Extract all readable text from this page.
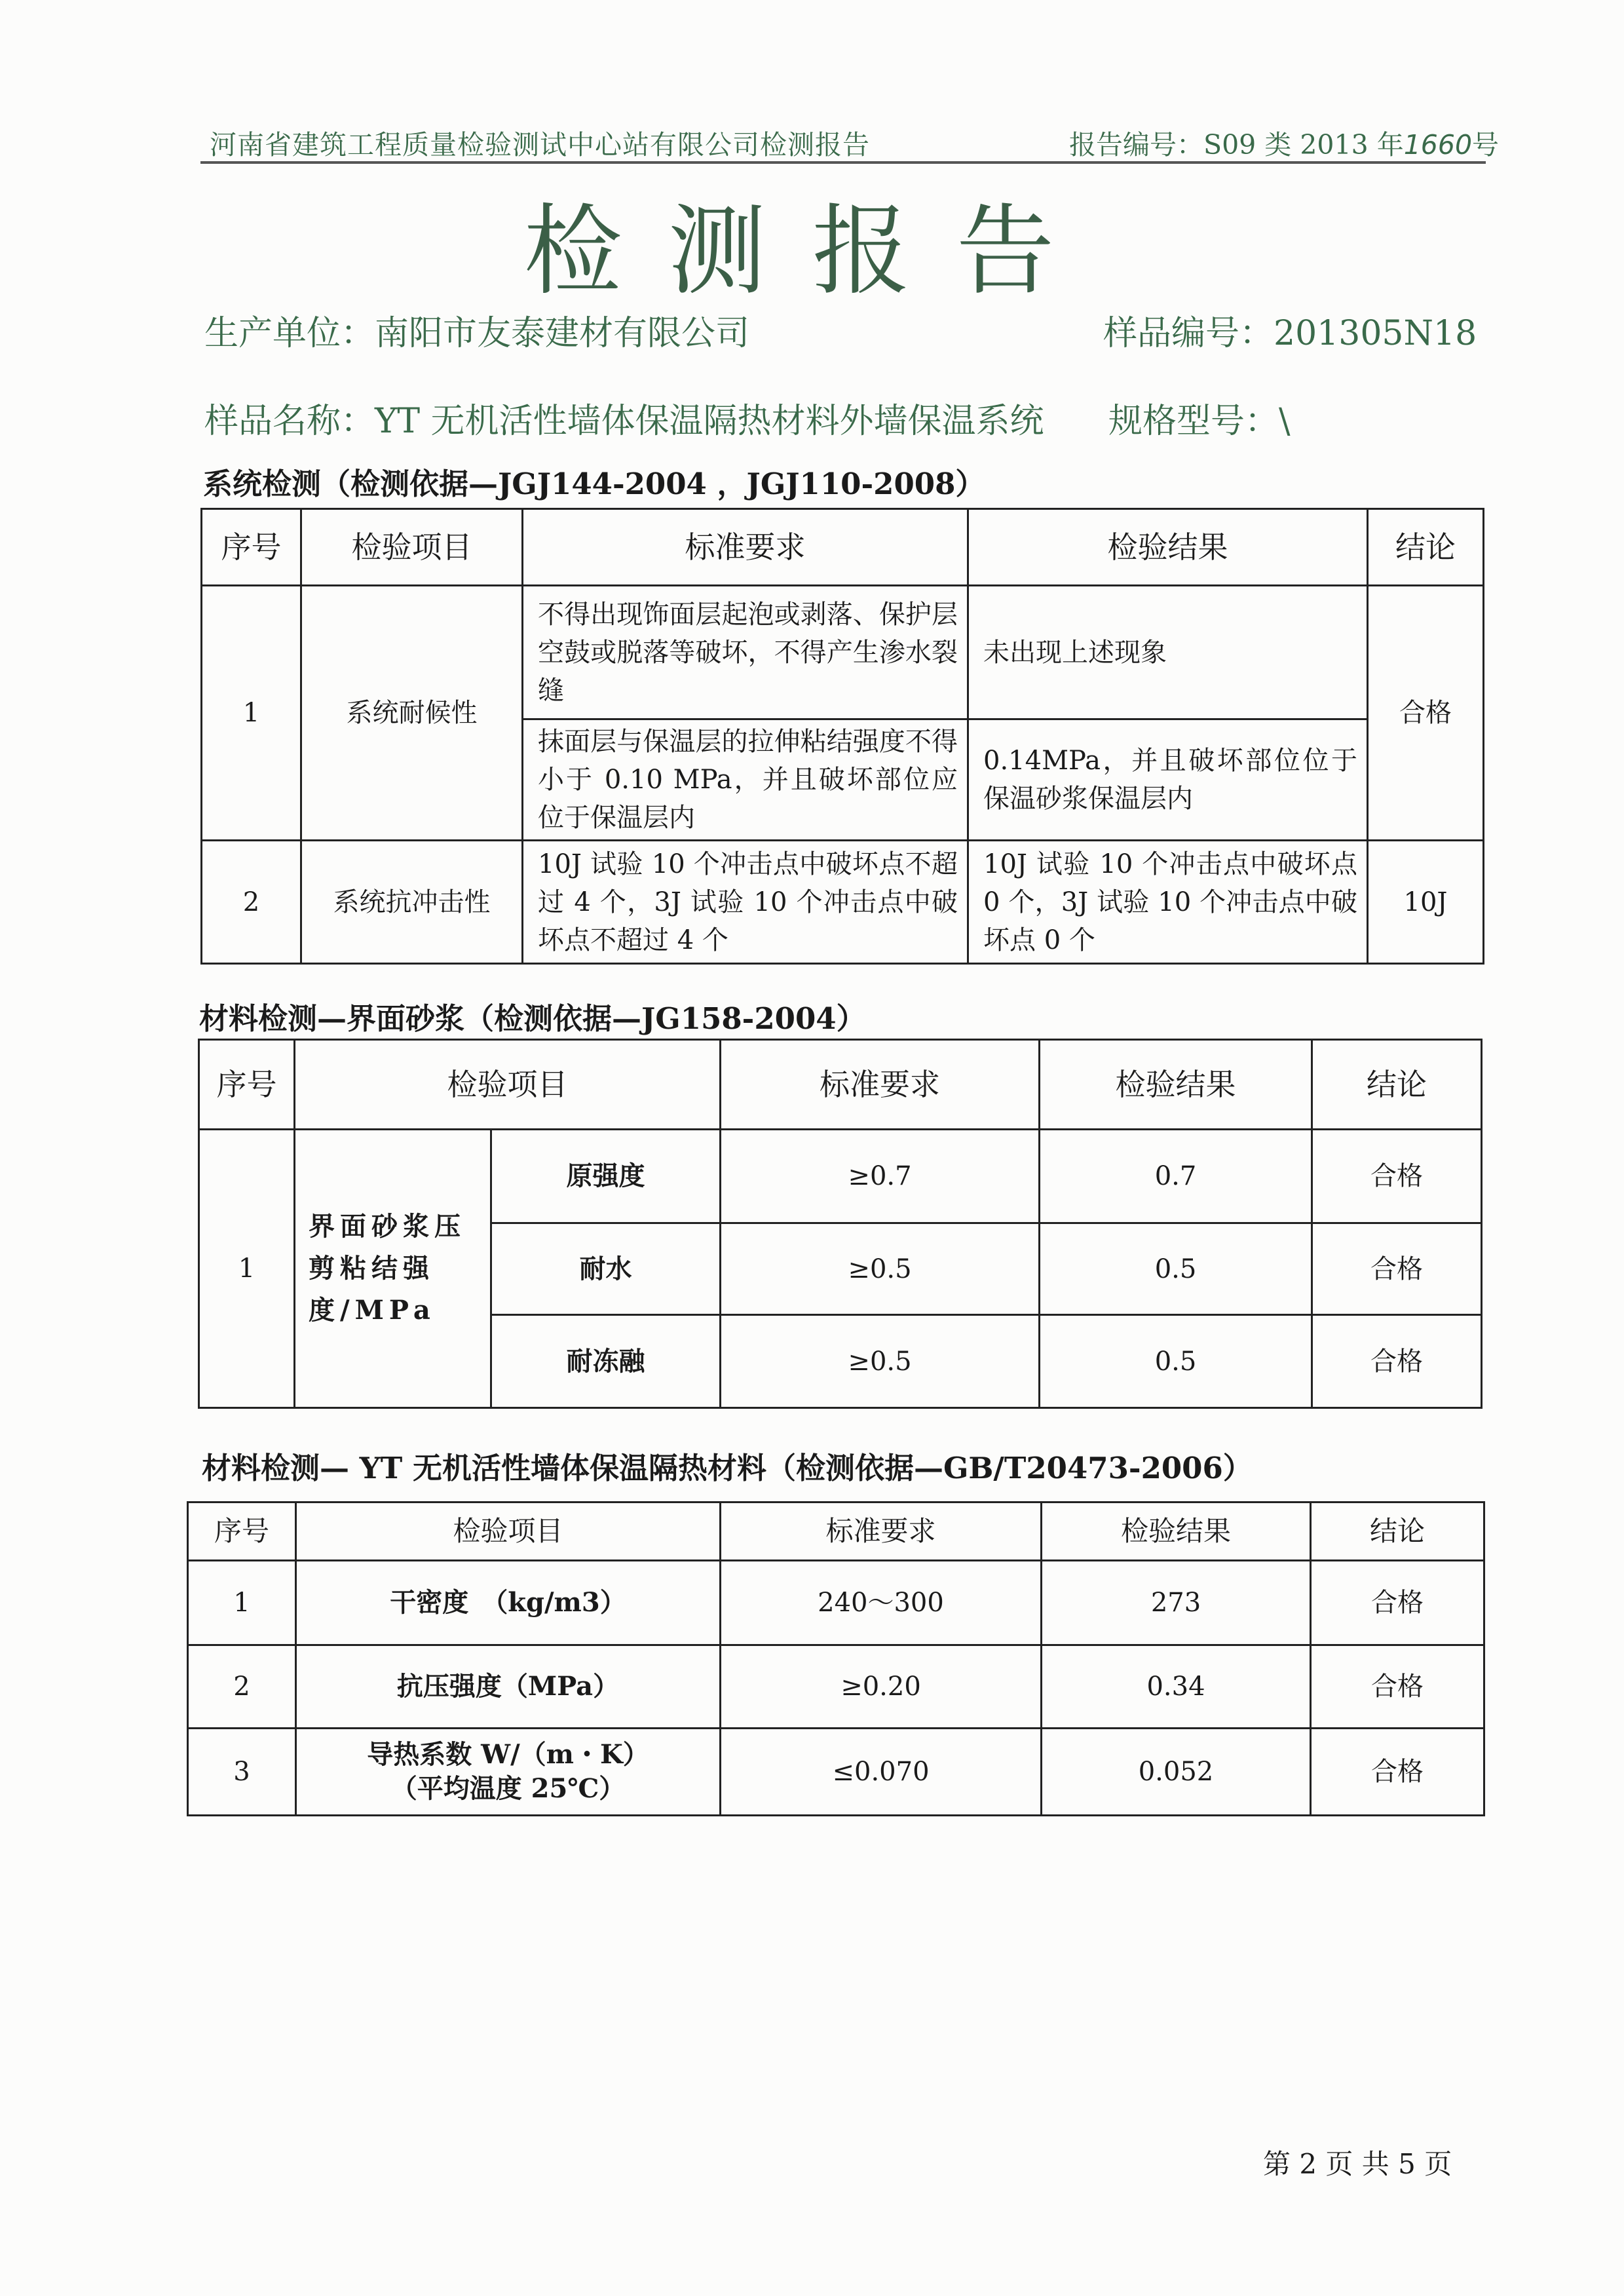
河南省建筑工程质量检验测试中心站有限公司检测报告	报告编号：S09 类 2013 年1660号
检测报告
生产单位：南阳市友泰建材有限公司	样品编号：201305N18
样品名称：YT 无机活性墙体保温隔热材料外墙保温系统 规格型号：\
系统检测（检测依据—JGJ144-2004 ，JGJ110-2008）
序号	检验项目	标准要求	检验结果	结论
1	系统耐候性	不得出现饰面层起泡或剥落、保护层空鼓或脱落等破坏，不得产生渗水裂缝	未出现上述现象	合格
		抹面层与保温层的拉伸粘结强度不得小于 0.10 MPa，并且破坏部位应位于保温层内	0.14MPa，并且破坏部位位于保温砂浆保温层内	
2	系统抗冲击性	10J 试验 10 个冲击点中破坏点不超过 4 个，3J 试验 10 个冲击点中破坏点不超过 4 个	10J 试验 10 个冲击点中破坏点 0 个，3J 试验 10 个冲击点中破坏点 0 个	10J
材料检测—界面砂浆（检测依据—JG158-2004）
序号	检验项目		标准要求	检验结果	结论
1	界面砂浆压剪粘结强度/MPa	原强度	≥0.7	0.7	合格
		耐水	≥0.5	0.5	合格
		耐冻融	≥0.5	0.5	合格
材料检测— YT 无机活性墙体保温隔热材料（检测依据—GB/T20473-2006）
序号	检验项目	标准要求	检验结果	结论
1	干密度　（kg/m3）	240～300	273	合格
2	抗压强度（MPa）	≥0.20	0.34	合格
3	导热系数 W/（m・K）
（平均温度 25℃）	≤0.070	0.052	合格
第 2 页 共 5 页
